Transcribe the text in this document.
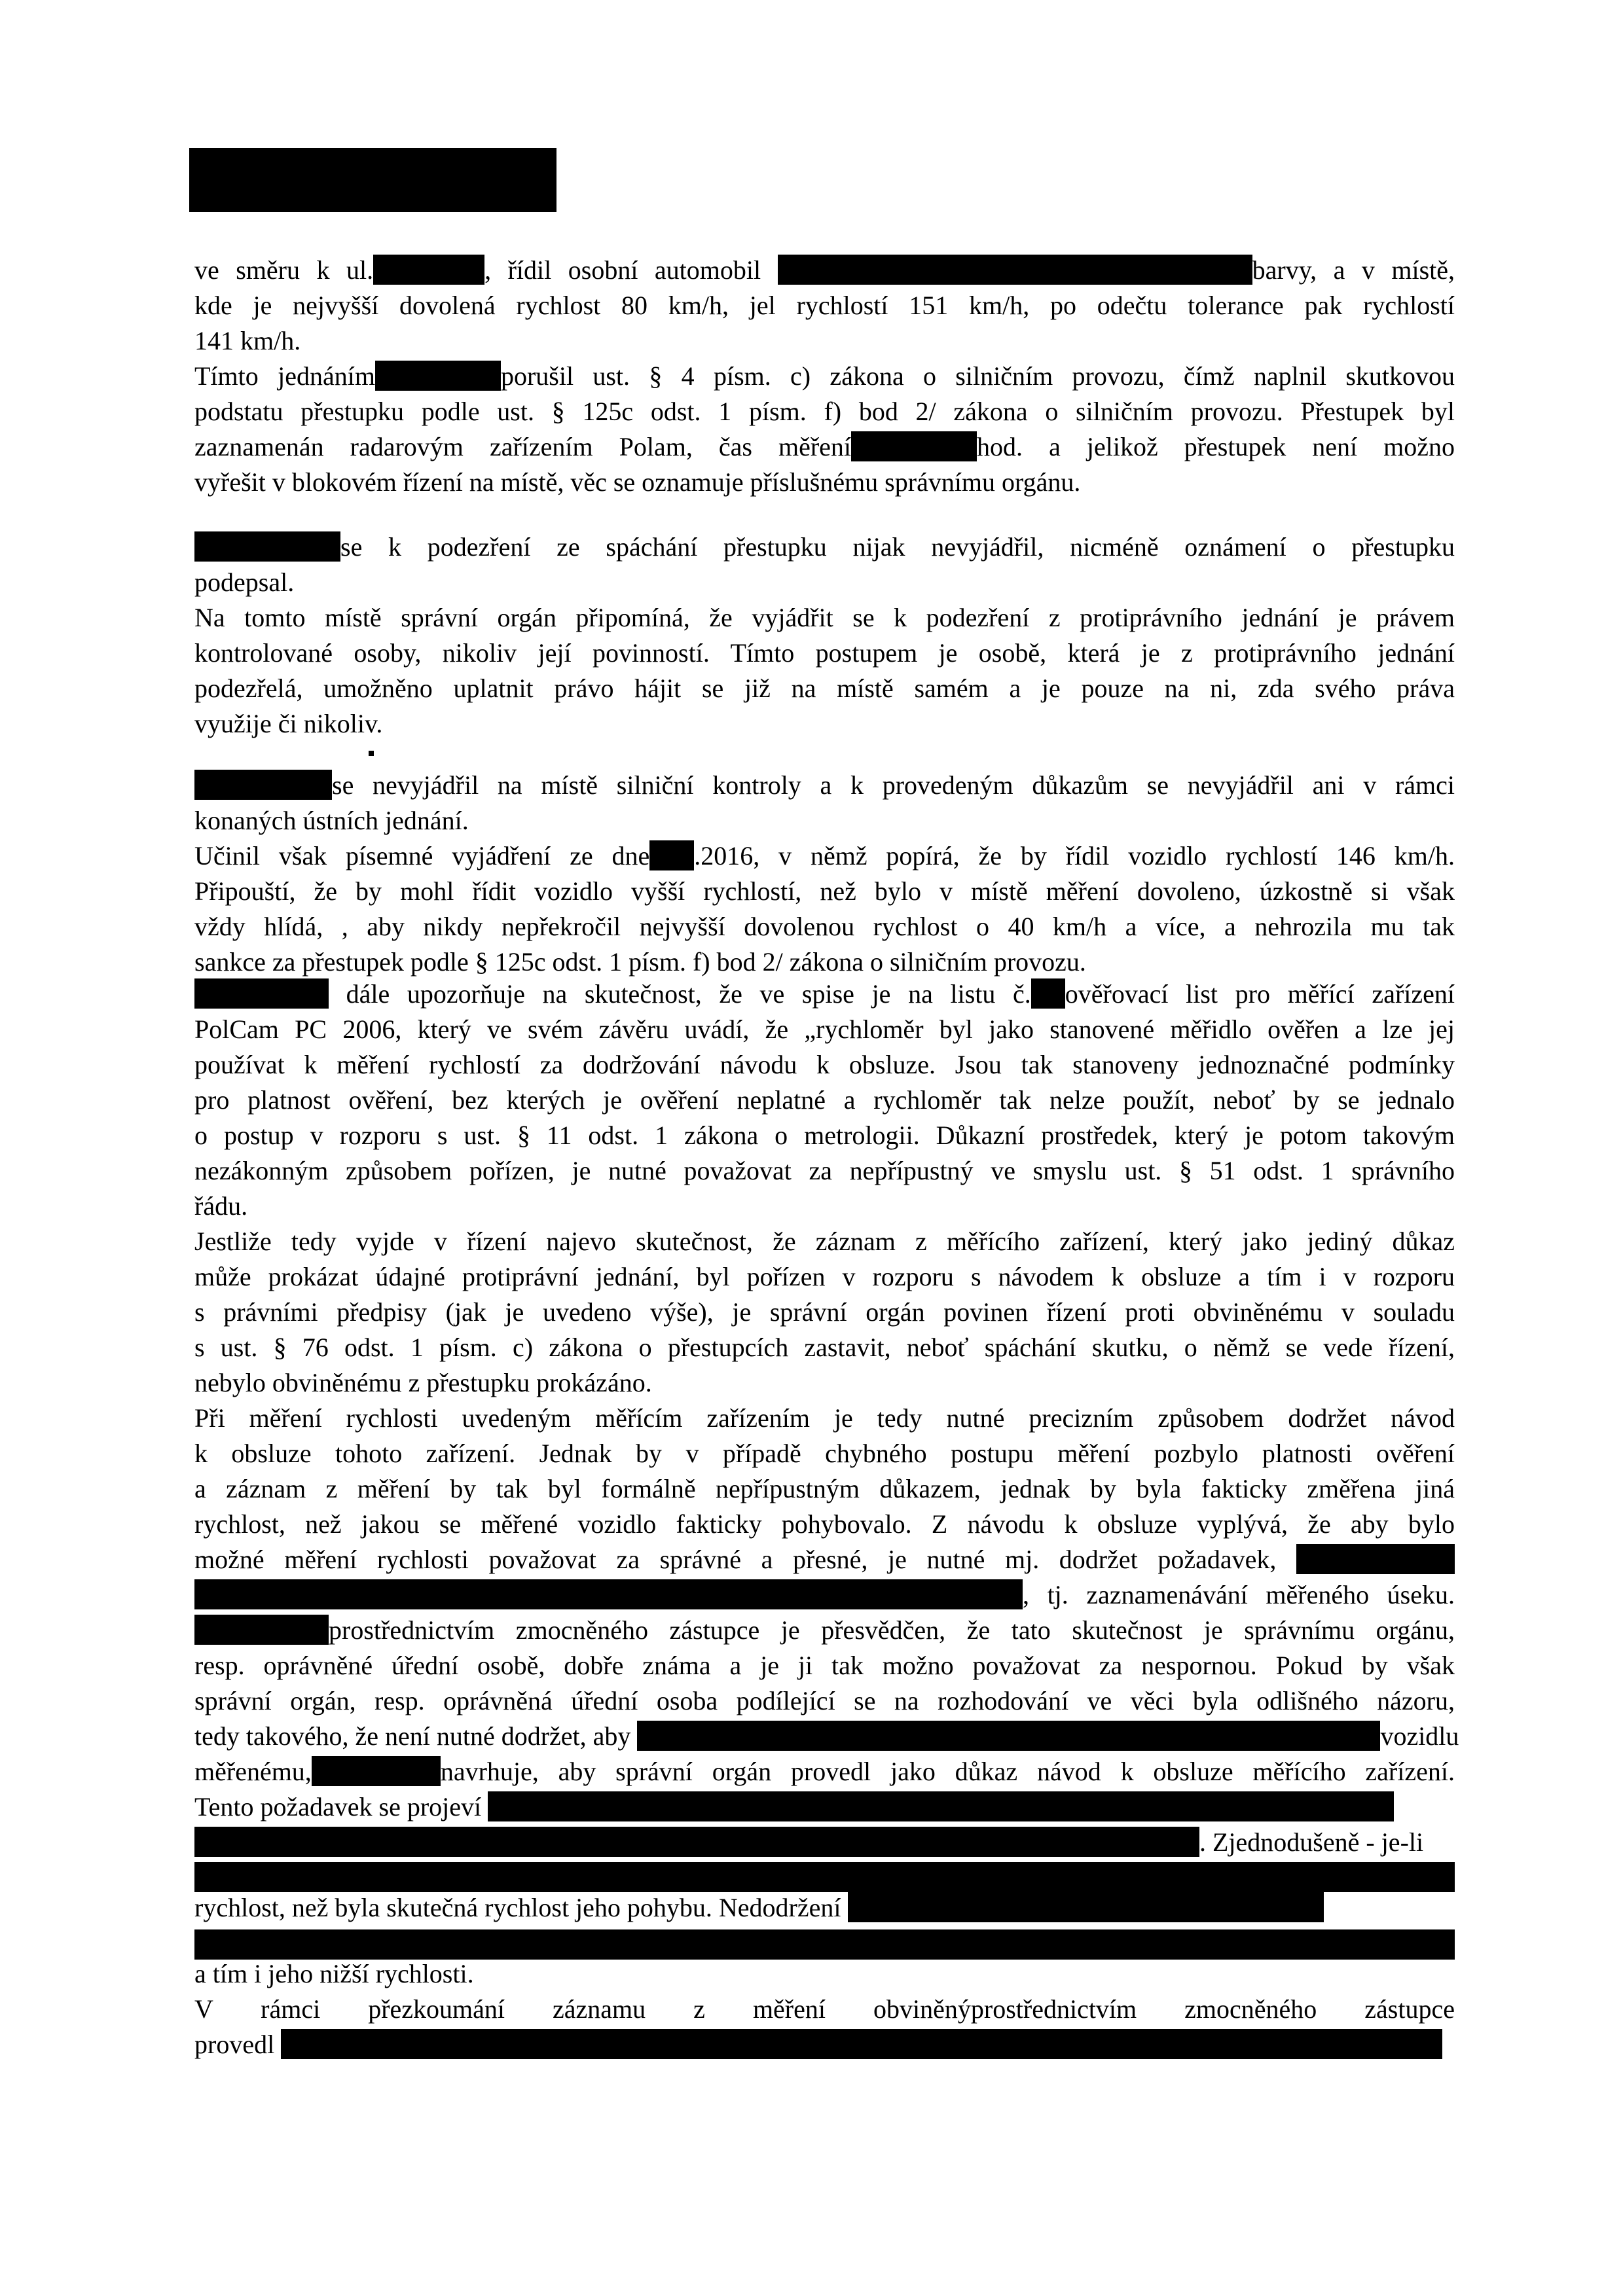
ve směru k ul.	, řídil osobní automobil	barvy, a v místě,

kde je nejvyšší dovolená rychlost 80 km/h, jel rychlostí 151 km/h, po odečtu tolerance pak rychlostí

141 km/h.

Tímto jednáním	porušil ust. § 4 písm. c) zákona o silničním provozu, čímž naplnil skutkovou

podstatu přestupku podle ust. § 125c odst. 1 písm. f) bod 2/ zákona o silničním provozu. Přestupek byl

zaznamenán radarovým zařízením Polam, čas měření	hod. a jelikož přestupek není možno

vyřešit v blokovém řízení na místě, věc se oznamuje příslušnému správnímu orgánu.

se k podezření ze spáchání přestupku nijak nevyjádřil, nicméně oznámení o přestupku

podepsal.

Na tomto místě správní orgán připomíná, že vyjádřit se k podezření z protiprávního jednání je právem

kontrolované osoby, nikoliv její povinností. Tímto postupem je osobě, která je z protiprávního jednání

podezřelá, umožněno uplatnit právo hájit se již na místě samém a je pouze na ni, zda svého práva

využije či nikoliv.

se nevyjádřil na místě silniční kontroly a k provedeným důkazům se nevyjádřil ani v rámci

konaných ústních jednání.

Učinil však písemné vyjádření ze dne .2016, v němž popírá, že by řídil vozidlo rychlostí 146 km/h.

Připouští, že by mohl řídit vozidlo vyšší rychlostí, než bylo v místě měření dovoleno, úzkostně si však

vždy hlídá, , aby nikdy nepřekročil nejvyšší dovolenou rychlost o 40 km/h a více, a nehrozila mu tak

sankce za přestupek podle § 125c odst. 1 písm. f) bod 2/ zákona o silničním provozu.

dále upozorňuje na skutečnost, že ve spise je na listu č. ověřovací list pro měřící zařízení

PolCam PC 2006, který ve svém závěru uvádí, že „rychloměr byl jako stanovené měřidlo ověřen a lze jej

používat k měření rychlostí za dodržování návodu k obsluze. Jsou tak stanoveny jednoznačné podmínky

pro platnost ověření, bez kterých je ověření neplatné a rychloměr tak nelze použít, neboť by se jednalo

o postup v rozporu s ust. § 11 odst. 1 zákona o metrologii. Důkazní prostředek, který je potom takovým

nezákonným způsobem pořízen, je nutné považovat za nepřípustný ve smyslu ust. § 51 odst. 1 správního

řádu.

Jestliže tedy vyjde v řízení najevo skutečnost, že záznam z měřícího zařízení, který jako jediný důkaz

může prokázat údajné protiprávní jednání, byl pořízen v rozporu s návodem k obsluze a tím i v rozporu

s právními předpisy (jak je uvedeno výše), je správní orgán povinen řízení proti obviněnému v souladu

s ust. § 76 odst. 1 písm. c) zákona o přestupcích zastavit, neboť spáchání skutku, o němž se vede řízení,

nebylo obviněnému z přestupku prokázáno.

Při měření rychlosti uvedeným měřícím zařízením je tedy nutné precizním způsobem dodržet návod

k obsluze tohoto zařízení. Jednak by v případě chybného postupu měření pozbylo platnosti ověření

a záznam z měření by tak byl formálně nepřípustným důkazem, jednak by byla fakticky změřena jiná

rychlost, než jakou se měřené vozidlo fakticky pohybovalo. Z návodu k obsluze vyplývá, že aby bylo

možné měření rychlosti považovat za správné a přesné, je nutné mj. dodržet požadavek,

, tj. zaznamenávání měřeného úseku.

prostřednictvím zmocněného zástupce je přesvědčen, že tato skutečnost je správnímu orgánu,

resp. oprávněné úřední osobě, dobře známa a je ji tak možno považovat za nespornou. Pokud by však

správní orgán, resp. oprávněná úřední osoba podílející se na rozhodování ve věci byla odlišného názoru,

tedy takového, že není nutné dodržet, aby	vozidlu

měřenému,	navrhuje, aby správní orgán provedl jako důkaz návod k obsluze měřícího zařízení.

Tento požadavek se projeví

. Zjednodušeně - je-li

rychlost, než byla skutečná rychlost jeho pohybu. Nedodržení

a tím i jeho nižší rychlosti.

V rámci přezkoumání záznamu z měření obviněnýprostřednictvím zmocněného zástupce

provedl
